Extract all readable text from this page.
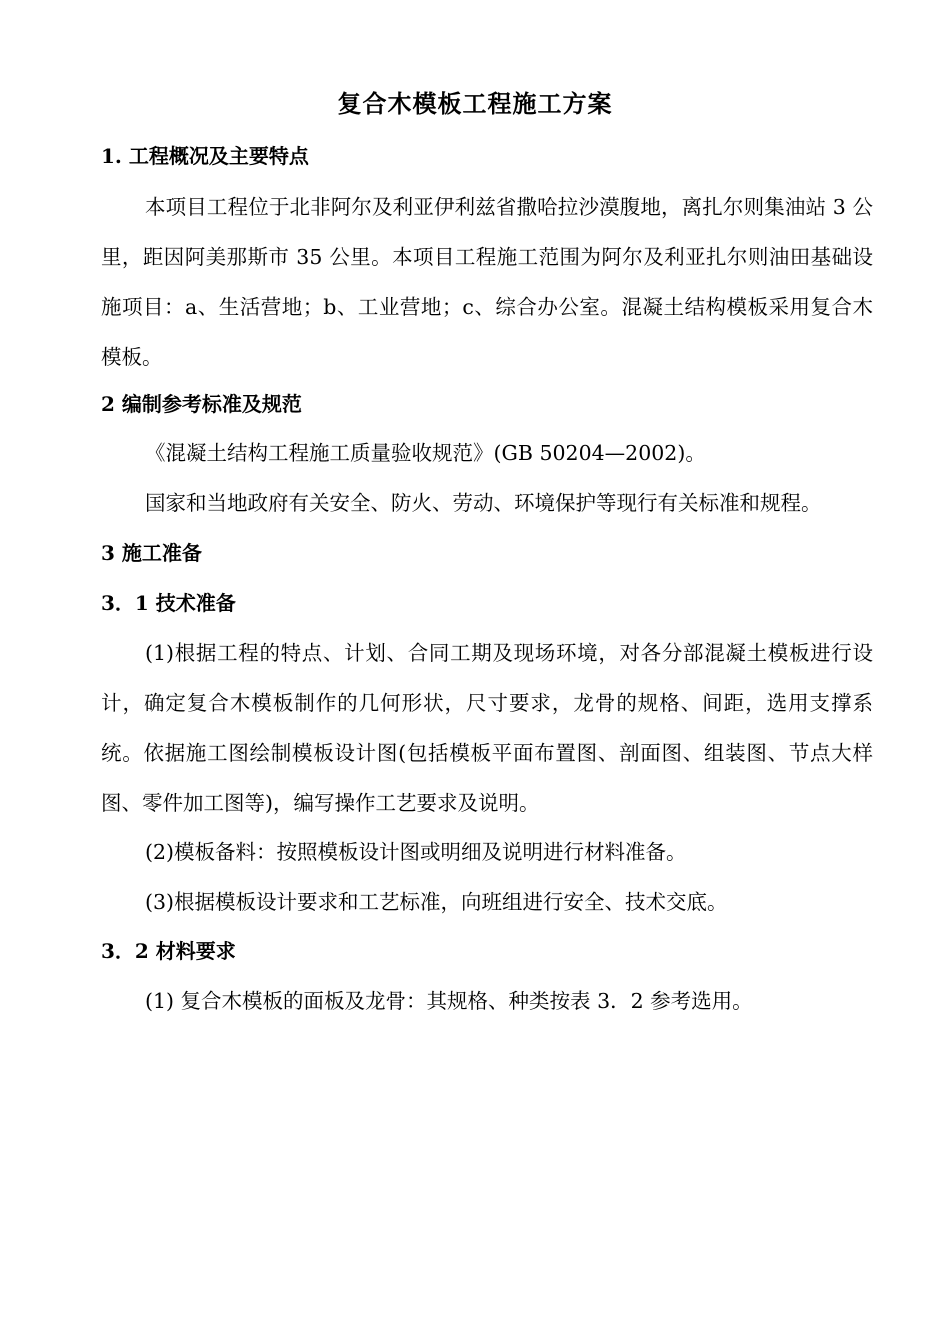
复合木模板工程施工方案
1. 工程概况及主要特点
本项目工程位于北非阿尔及利亚伊利兹省撒哈拉沙漠腹地，离扎尔则集油站 3 公里，距因阿美那斯市 35 公里。本项目工程施工范围为阿尔及利亚扎尔则油田基础设施项目：a、生活营地；b、工业营地；c、综合办公室。混凝土结构模板采用复合木模板。
2 编制参考标准及规范
《混凝土结构工程施工质量验收规范》(GB 50204—2002)。
国家和当地政府有关安全、防火、劳动、环境保护等现行有关标准和规程。
3 施工准备
3．1 技术准备
(1)根据工程的特点、计划、合同工期及现场环境，对各分部混凝土模板进行设计，确定复合木模板制作的几何形状，尺寸要求，龙骨的规格、间距，选用支撑系统。依据施工图绘制模板设计图(包括模板平面布置图、剖面图、组装图、节点大样图、零件加工图等)，编写操作工艺要求及说明。
(2)模板备料：按照模板设计图或明细及说明进行材料准备。
(3)根据模板设计要求和工艺标准，向班组进行安全、技术交底。
3．2 材料要求
(1) 复合木模板的面板及龙骨：其规格、种类按表 3．2 参考选用。
